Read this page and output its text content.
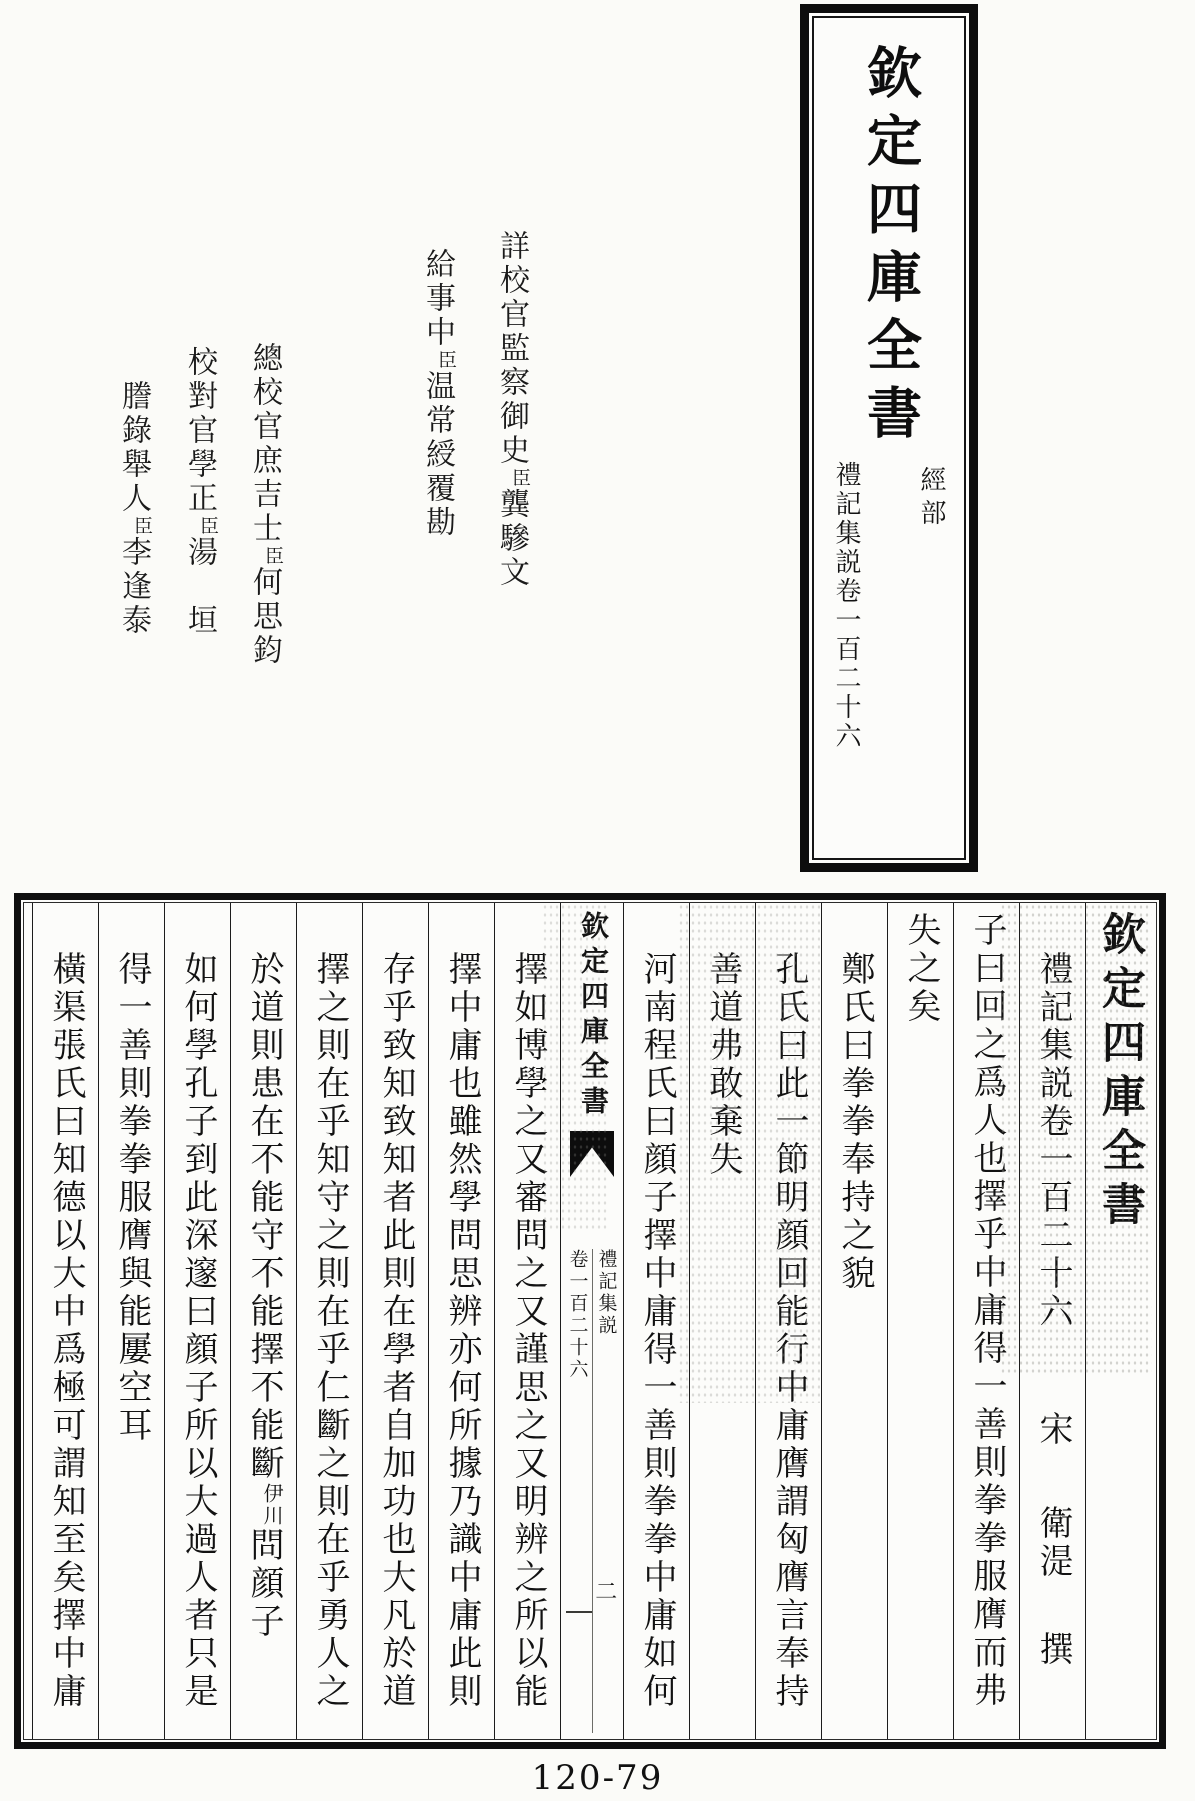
欽定四庫全書
經部
禮記集説卷一百二十六
詳校官監察御史臣龔驂文
給事中臣温常綬覆勘
總校官庶吉士臣何思鈞
校對官學正臣湯　垣
謄錄舉人臣李逢泰
欽定四庫全書
禮記集説卷一百二十六宋衛湜撰
子曰回之爲人也擇乎中庸得一善則拳拳服膺而弗
失之矣
鄭氏曰拳拳奉持之貌
孔氏曰此一節明顔回能行中庸膺謂匈膺言奉持
善道弗敢棄失
河南程氏曰顔子擇中庸得一善則拳拳中庸如何
欽定四庫全書
禮記集説
卷一百二十六
二
擇如博學之又審問之又謹思之又明辨之所以能
擇中庸也雖然學問思辨亦何所據乃識中庸此則
存乎致知致知者此則在學者自加功也大凡於道
擇之則在乎知守之則在乎仁斷之則在乎勇人之
於道則患在不能守不能擇不能斷伊川問顔子
如何學孔子到此深邃曰顔子所以大過人者只是
得一善則拳拳服膺與能屢空耳
橫渠張氏曰知德以大中爲極可謂知至矣擇中庸
120-79
